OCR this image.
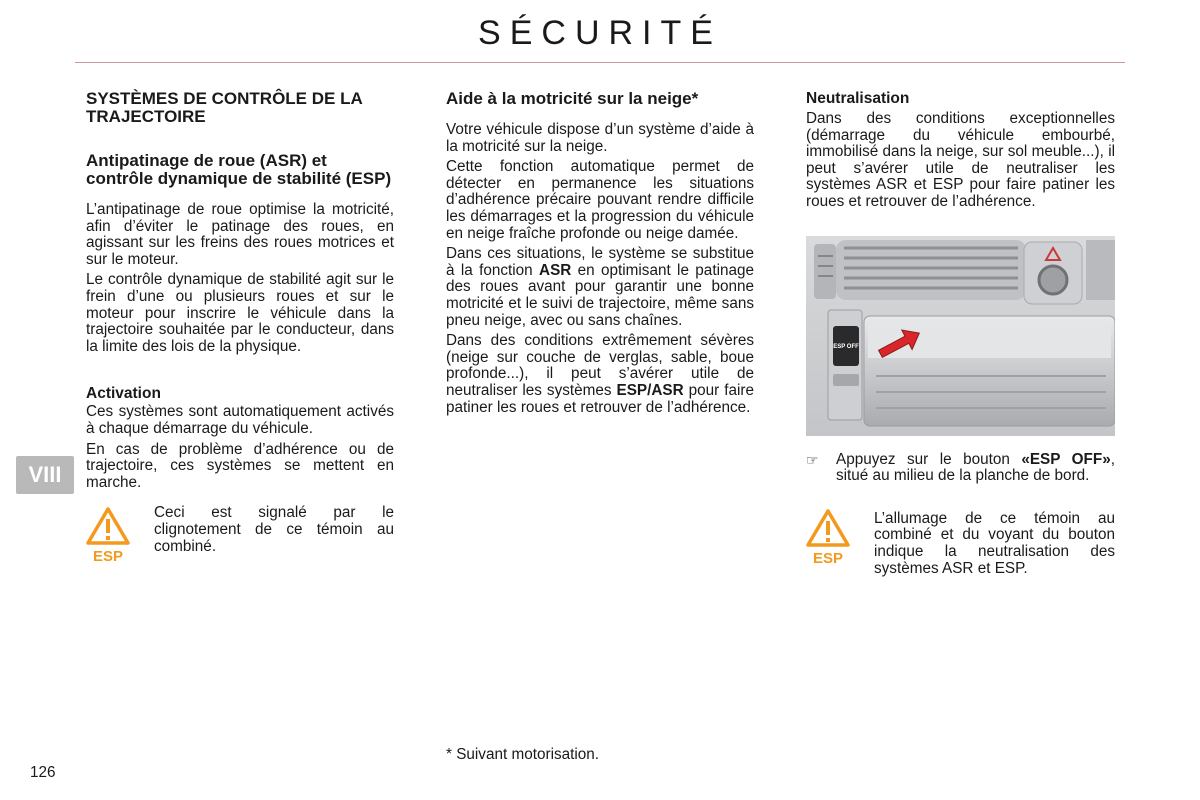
SÉCURITÉ
VIII
SYSTÈMES DE CONTRÔLE DE LA TRAJECTOIRE
Antipatinage de roue (ASR) et contrôle dynamique de stabilité (ESP)

L’antipatinage de roue optimise la motricité, afin d’éviter le patinage des roues, en agissant sur les freins des roues motrices et sur le moteur.

Le contrôle dynamique de stabilité agit sur le frein d’une ou plusieurs roues et sur le moteur pour inscrire le véhicule dans la trajectoire souhaitée par le conducteur, dans la limite des lois de la physique.

Activation

Ces systèmes sont automatiquement activés à chaque démarrage du véhicule.

En cas de problème d’adhérence ou de trajectoire, ces systèmes se mettent en marche.

ESP
Ceci est signalé par le clignotement de ce témoin au combiné.
Aide à la motricité sur la neige*

Votre véhicule dispose d’un système d’aide à la motricité sur la neige.

Cette fonction automatique permet de détecter en permanence les situations d’adhérence précaire pouvant rendre difficile les démarrages et la progression du véhicule en neige fraîche profonde ou neige damée.

Dans ces situations, le système se substitue à la fonction ASR en optimisant le patinage des roues avant pour garantir une bonne motricité et le suivi de trajectoire, même sans pneu neige, avec ou sans chaînes.

Dans des conditions extrêmement sévères (neige sur couche de verglas, sable, boue profonde...), il peut s’avérer utile de neutraliser les systèmes ESP/ASR pour faire patiner les roues et retrouver de l’adhérence.

Neutralisation

Dans des conditions exceptionnelles (démarrage du véhicule embourbé, immobilisé dans la neige, sur sol meuble...), il peut s’avérer utile de neutraliser les systèmes ASR et ESP pour faire patiner les roues et retrouver de l’adhérence.

ESP OFF
☞	Appuyez sur le bouton «ESP OFF», situé au milieu de la planche de bord.
ESP
L’allumage de ce témoin au combiné et du voyant du bouton indique la neutralisation des systèmes ASR et ESP.
* Suivant motorisation.
126
